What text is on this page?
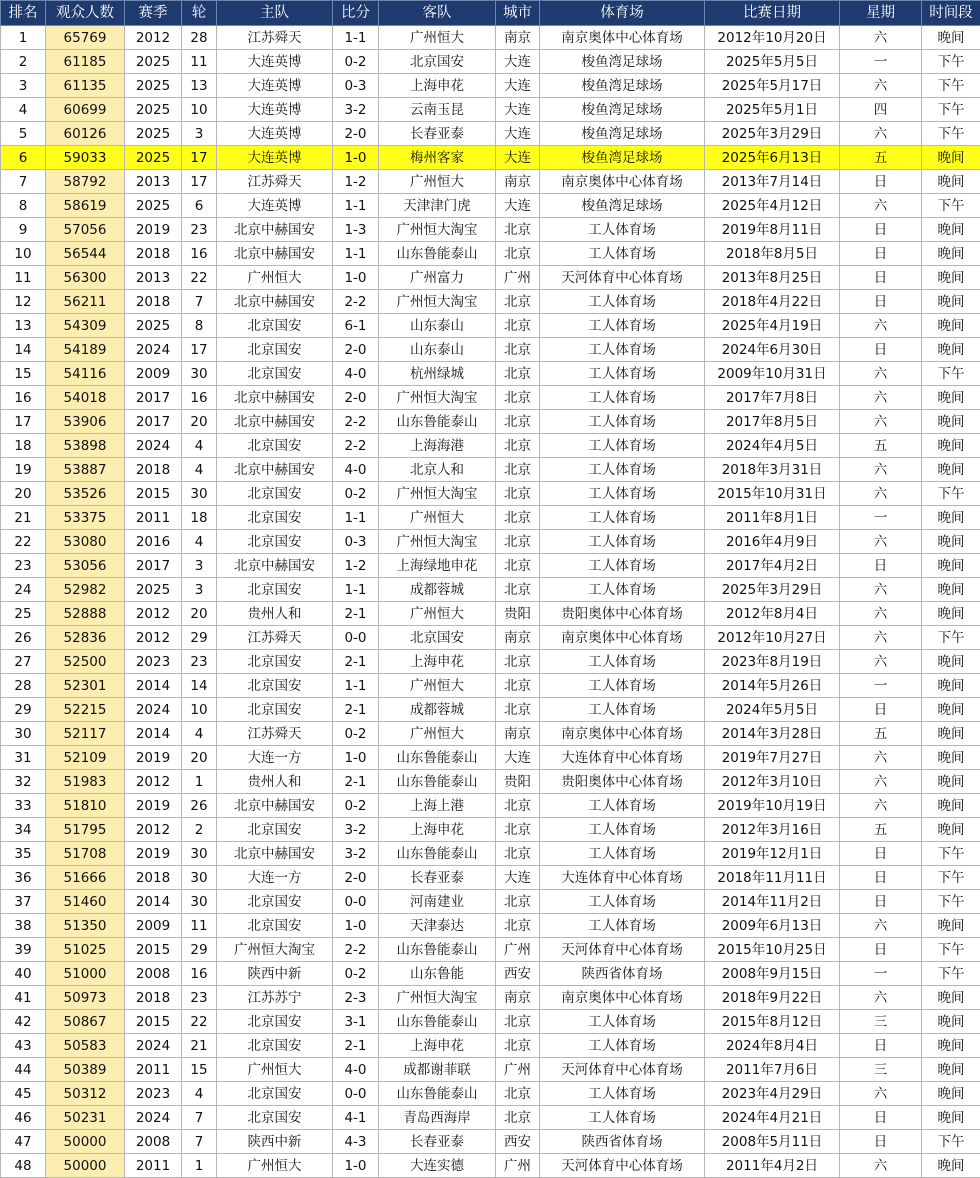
排名	观众人数	赛季	轮	主队	比分	客队	城市	体育场	比赛日期	星期	时间段
1	65769	2012	28	江苏舜天	1-1	广州恒大	南京	南京奥体中心体育场	2012年10月20日	六	晚间
2	61185	2025	11	大连英博	0-2	北京国安	大连	梭鱼湾足球场	2025年5月5日	一	下午
3	61135	2025	13	大连英博	0-3	上海申花	大连	梭鱼湾足球场	2025年5月17日	六	下午
4	60699	2025	10	大连英博	3-2	云南玉昆	大连	梭鱼湾足球场	2025年5月1日	四	下午
5	60126	2025	3	大连英博	2-0	长春亚泰	大连	梭鱼湾足球场	2025年3月29日	六	下午
6	59033	2025	17	大连英博	1-0	梅州客家	大连	梭鱼湾足球场	2025年6月13日	五	晚间
7	58792	2013	17	江苏舜天	1-2	广州恒大	南京	南京奥体中心体育场	2013年7月14日	日	晚间
8	58619	2025	6	大连英博	1-1	天津津门虎	大连	梭鱼湾足球场	2025年4月12日	六	下午
9	57056	2019	23	北京中赫国安	1-3	广州恒大淘宝	北京	工人体育场	2019年8月11日	日	晚间
10	56544	2018	16	北京中赫国安	1-1	山东鲁能泰山	北京	工人体育场	2018年8月5日	日	晚间
11	56300	2013	22	广州恒大	1-0	广州富力	广州	天河体育中心体育场	2013年8月25日	日	晚间
12	56211	2018	7	北京中赫国安	2-2	广州恒大淘宝	北京	工人体育场	2018年4月22日	日	晚间
13	54309	2025	8	北京国安	6-1	山东泰山	北京	工人体育场	2025年4月19日	六	晚间
14	54189	2024	17	北京国安	2-0	山东泰山	北京	工人体育场	2024年6月30日	日	晚间
15	54116	2009	30	北京国安	4-0	杭州绿城	北京	工人体育场	2009年10月31日	六	下午
16	54018	2017	16	北京中赫国安	2-0	广州恒大淘宝	北京	工人体育场	2017年7月8日	六	晚间
17	53906	2017	20	北京中赫国安	2-2	山东鲁能泰山	北京	工人体育场	2017年8月5日	六	晚间
18	53898	2024	4	北京国安	2-2	上海海港	北京	工人体育场	2024年4月5日	五	晚间
19	53887	2018	4	北京中赫国安	4-0	北京人和	北京	工人体育场	2018年3月31日	六	晚间
20	53526	2015	30	北京国安	0-2	广州恒大淘宝	北京	工人体育场	2015年10月31日	六	下午
21	53375	2011	18	北京国安	1-1	广州恒大	北京	工人体育场	2011年8月1日	一	晚间
22	53080	2016	4	北京国安	0-3	广州恒大淘宝	北京	工人体育场	2016年4月9日	六	晚间
23	53056	2017	3	北京中赫国安	1-2	上海绿地申花	北京	工人体育场	2017年4月2日	日	晚间
24	52982	2025	3	北京国安	1-1	成都蓉城	北京	工人体育场	2025年3月29日	六	晚间
25	52888	2012	20	贵州人和	2-1	广州恒大	贵阳	贵阳奥体中心体育场	2012年8月4日	六	晚间
26	52836	2012	29	江苏舜天	0-0	北京国安	南京	南京奥体中心体育场	2012年10月27日	六	下午
27	52500	2023	23	北京国安	2-1	上海申花	北京	工人体育场	2023年8月19日	六	晚间
28	52301	2014	14	北京国安	1-1	广州恒大	北京	工人体育场	2014年5月26日	一	晚间
29	52215	2024	10	北京国安	2-1	成都蓉城	北京	工人体育场	2024年5月5日	日	晚间
30	52117	2014	4	江苏舜天	0-2	广州恒大	南京	南京奥体中心体育场	2014年3月28日	五	晚间
31	52109	2019	20	大连一方	1-0	山东鲁能泰山	大连	大连体育中心体育场	2019年7月27日	六	晚间
32	51983	2012	1	贵州人和	2-1	山东鲁能泰山	贵阳	贵阳奥体中心体育场	2012年3月10日	六	晚间
33	51810	2019	26	北京中赫国安	0-2	上海上港	北京	工人体育场	2019年10月19日	六	晚间
34	51795	2012	2	北京国安	3-2	上海申花	北京	工人体育场	2012年3月16日	五	晚间
35	51708	2019	30	北京中赫国安	3-2	山东鲁能泰山	北京	工人体育场	2019年12月1日	日	下午
36	51666	2018	30	大连一方	2-0	长春亚泰	大连	大连体育中心体育场	2018年11月11日	日	下午
37	51460	2014	30	北京国安	0-0	河南建业	北京	工人体育场	2014年11月2日	日	下午
38	51350	2009	11	北京国安	1-0	天津泰达	北京	工人体育场	2009年6月13日	六	晚间
39	51025	2015	29	广州恒大淘宝	2-2	山东鲁能泰山	广州	天河体育中心体育场	2015年10月25日	日	下午
40	51000	2008	16	陕西中新	0-2	山东鲁能	西安	陕西省体育场	2008年9月15日	一	下午
41	50973	2018	23	江苏苏宁	2-3	广州恒大淘宝	南京	南京奥体中心体育场	2018年9月22日	六	晚间
42	50867	2015	22	北京国安	3-1	山东鲁能泰山	北京	工人体育场	2015年8月12日	三	晚间
43	50583	2024	21	北京国安	2-1	上海申花	北京	工人体育场	2024年8月4日	日	晚间
44	50389	2011	15	广州恒大	4-0	成都谢菲联	广州	天河体育中心体育场	2011年7月6日	三	晚间
45	50312	2023	4	北京国安	0-0	山东鲁能泰山	北京	工人体育场	2023年4月29日	六	晚间
46	50231	2024	7	北京国安	4-1	青岛西海岸	北京	工人体育场	2024年4月21日	日	晚间
47	50000	2008	7	陕西中新	4-3	长春亚泰	西安	陕西省体育场	2008年5月11日	日	下午
48	50000	2011	1	广州恒大	1-0	大连实德	广州	天河体育中心体育场	2011年4月2日	六	晚间
